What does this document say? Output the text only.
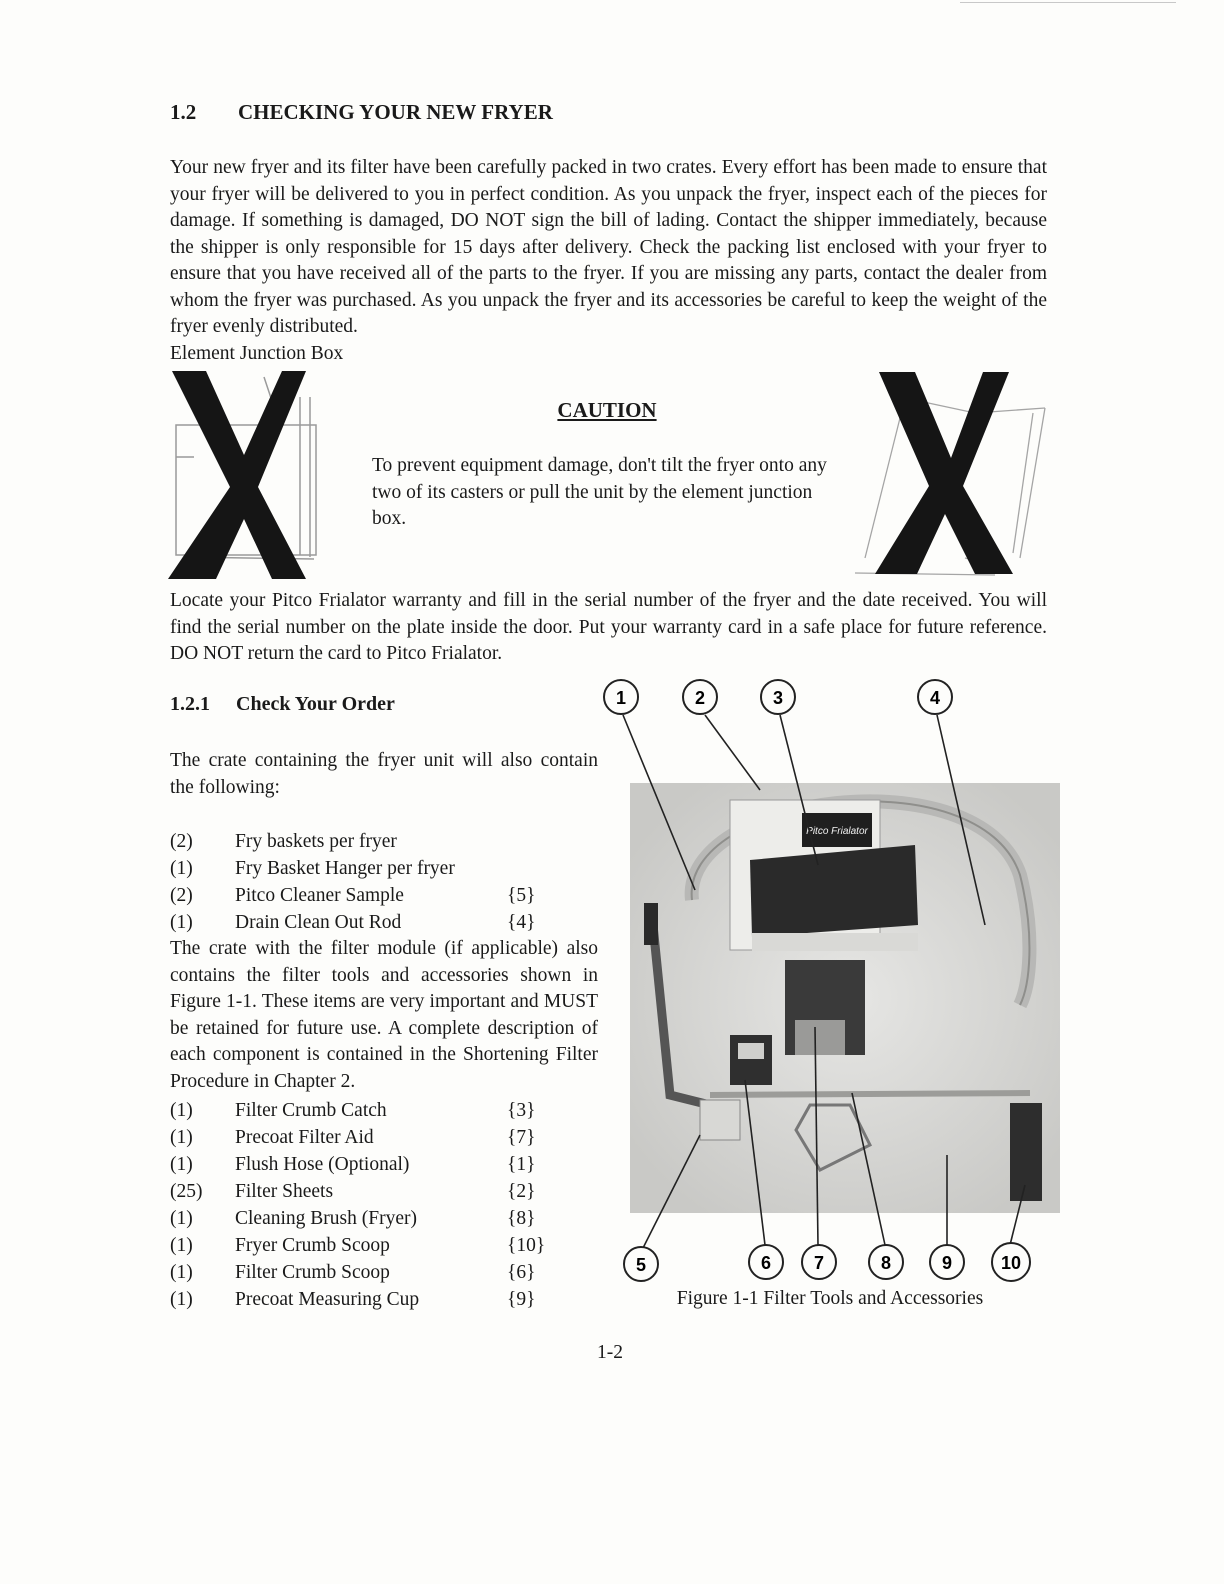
1.2 CHECKING YOUR NEW FRYER
Your new fryer and its filter have been carefully packed in two crates. Every effort has been made to ensure that your fryer will be delivered to you in perfect condition. As you unpack the fryer, inspect each of the pieces for damage. If something is damaged, DO NOT sign the bill of lading. Contact the shipper immediately, because the shipper is only responsible for 15 days after delivery. Check the packing list enclosed with your fryer to ensure that you have received all of the parts to the fryer. If you are missing any parts, contact the dealer from whom the fryer was purchased. As you unpack the fryer and its accessories be careful to keep the weight of the fryer evenly distributed.
Element Junction Box
CAUTION
To prevent equipment damage, don't tilt the fryer onto any two of its casters or pull the unit by the element junction box.
Locate your Pitco Frialator warranty and fill in the serial number of the fryer and the date received. You will find the serial number on the plate inside the door. Put your warranty card in a safe place for future reference. DO NOT return the card to Pitco Frialator.
1.2.1 Check Your Order
The crate containing the fryer unit will also contain the following:
(2)	Fry baskets per fryer
(1)	Fry Basket Hanger per fryer
(2)	Pitco Cleaner Sample	{5}
(1)	Drain Clean Out Rod	{4}
The crate with the filter module (if applicable) also contains the filter tools and accessories shown in Figure 1-1. These items are very important and MUST be retained for future use. A complete description of each component is contained in the Shortening Filter Procedure in Chapter 2.
(1)	Filter Crumb Catch	{3}
(1)	Precoat Filter Aid	{7}
(1)	Flush Hose (Optional)	{1}
(25)	Filter Sheets	{2}
(1)	Cleaning Brush (Fryer)	{8}
(1)	Fryer Crumb Scoop	{10}
(1)	Filter Crumb Scoop	{6}
(1)	Precoat Measuring Cup	{9}
Pitco Frialator
1	2	3	4
5	6 7	8	9	10
Figure 1-1 Filter Tools and Accessories
1-2
